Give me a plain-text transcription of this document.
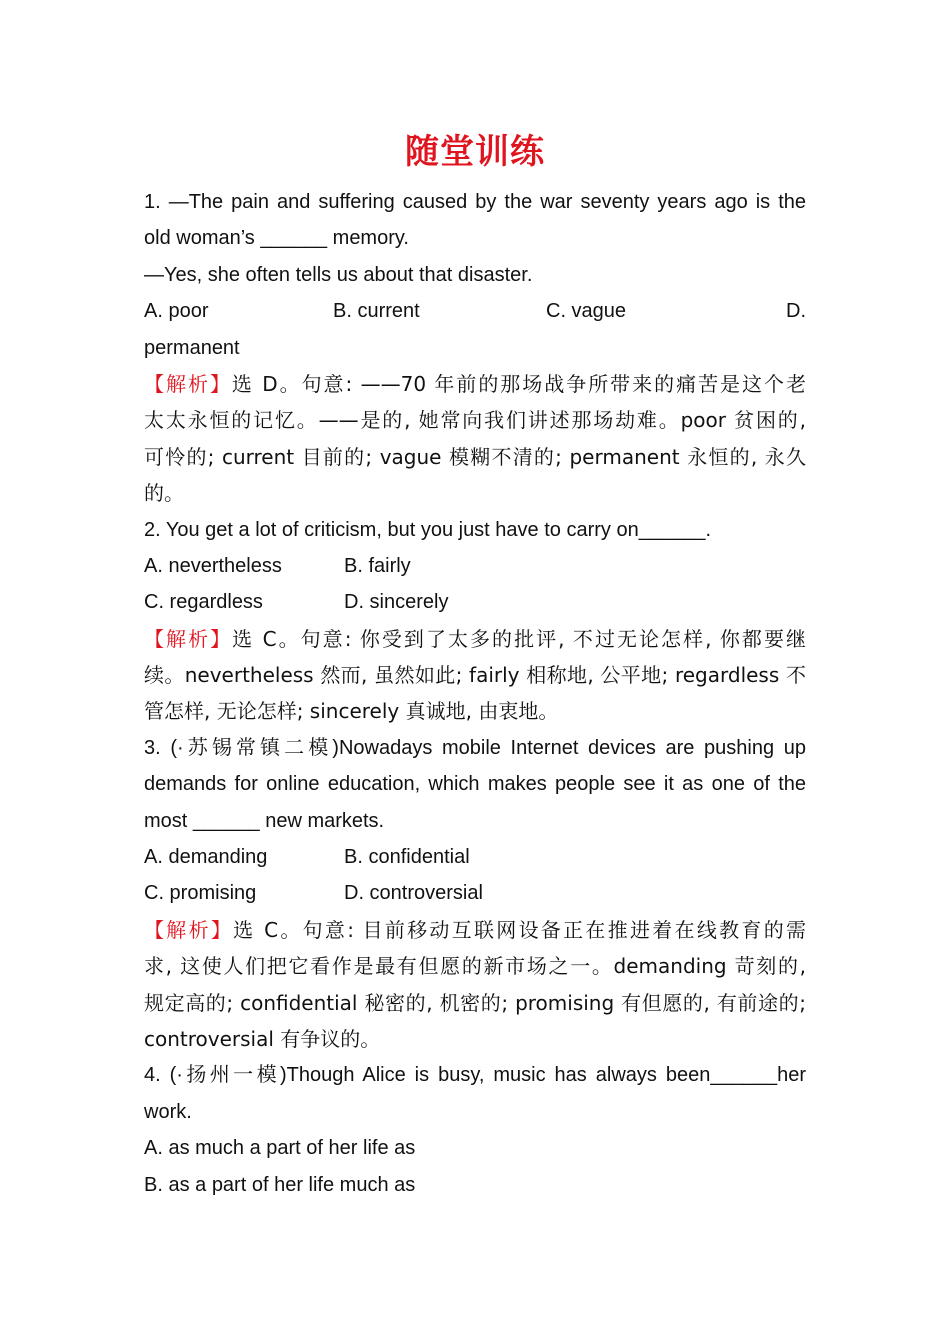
随堂训练
1. —The pain and suffering caused by the war seventy years ago is the
old woman’s ______ memory.
—Yes, she often tells us about that disaster.
A. poor	B. current	C. vague	D.
permanent
【解析】选 D。句意: ——70 年前的那场战争所带来的痛苦是这个老
太太永恒的记忆。——是的, 她常向我们讲述那场劫难。poor 贫困的,
可怜的; current 目前的; vague 模糊不清的; permanent 永恒的, 永久
的。
2. You get a lot of criticism, but you just have to carry on______.
A. nevertheless	B. fairly
C. regardless	D. sincerely
【解析】选 C。句意: 你受到了太多的批评, 不过无论怎样, 你都要继
续。nevertheless 然而, 虽然如此; fairly 相称地, 公平地; regardless 不
管怎样, 无论怎样; sincerely 真诚地, 由衷地。
3. (·苏锡常镇二模)Nowadays mobile Internet devices are pushing up
demands for online education, which makes people see it as one of the
most ______ new markets.
A. demanding	B. confidential
C. promising	D. controversial
【解析】选 C。句意: 目前移动互联网设备正在推进着在线教育的需
求, 这使人们把它看作是最有但愿的新市场之一。demanding 苛刻的,
规定高的; confidential 秘密的, 机密的; promising 有但愿的, 有前途的;
controversial 有争议的。
4. (·扬州一模)Though Alice is busy, music has always been______her
work.
A. as much a part of her life as
B. as a part of her life much as
